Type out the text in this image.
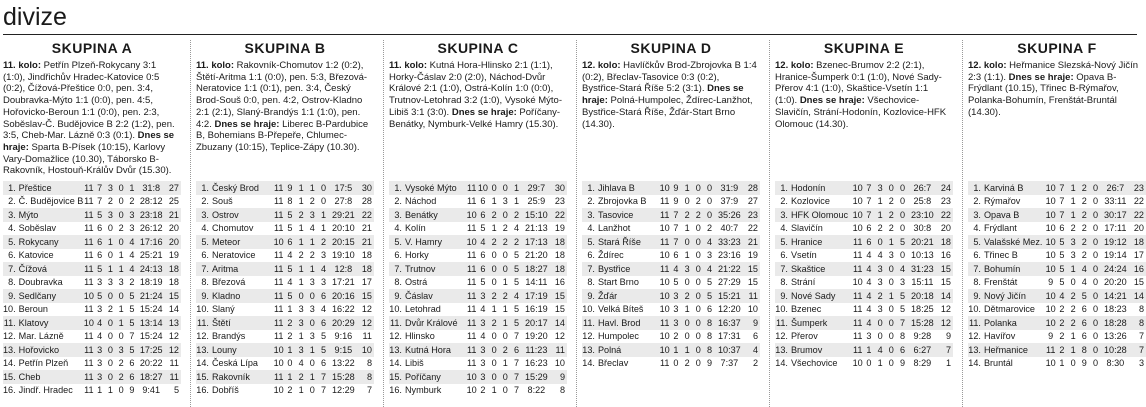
divize
SKUPINA A
11. kolo: Petřín Plzeň-Rokycany 3:1 (1:0), Jindřichův Hradec-Katovice 0:5 (0:2), Čížová-Přeštice 0:0, pen. 3:4, Doubravka-Mýto 1:1 (0:0), pen. 4:5, Hořovicko-Beroun 1:1 (0:0), pen. 2:3, Soběslav-Č. Budějovice B 2:2 (1:2), pen. 3:5, Cheb-Mar. Lázně 0:3 (0:1). Dnes se hraje: Sparta B-Písek (10:15), Karlovy Vary-Domažlice (10.30), Táborsko B-Rakovník, Hostouň-Králův Dvůr (15.30).
1.	Přeštice	11	7	3	0	1	31:8	27
2.	Č. Budějovice B	11	7	2	0	2	28:12	25
3.	Mýto	11	5	3	0	3	23:18	21
4.	Soběslav	11	6	0	2	3	26:12	20
5.	Rokycany	11	6	1	0	4	17:16	20
6.	Katovice	11	6	0	1	4	25:21	19
7.	Čížová	11	5	1	1	4	24:13	18
8.	Doubravka	11	3	3	3	2	18:19	18
9.	Sedlčany	10	5	0	0	5	21:24	15
10.	Beroun	11	3	2	1	5	15:24	14
11.	Klatovy	10	4	0	1	5	13:14	13
12.	Mar. Lázně	11	4	0	0	7	15:24	12
13.	Hořovicko	11	3	0	3	5	17:25	12
14.	Petřín Plzeň	11	3	0	2	6	20:22	11
15.	Cheb	11	3	0	2	6	18:27	11
16.	Jindř. Hradec	11	1	1	0	9	9:41	5
SKUPINA B
11. kolo: Rakovník-Chomutov 1:2 (0:2), Štětí-Aritma 1:1 (0:0), pen. 5:3, Březová-Neratovice 1:1 (0:1), pen. 3:4, Český Brod-Souš 0:0, pen. 4:2, Ostrov-Kladno 2:1 (2:1), Slaný-Brandýs 1:1 (1:0), pen. 4:2. Dnes se hraje: Liberec B-Pardubice B, Bohemians B-Přepeře, Chlumec-Zbuzany (10:15), Teplice-Zápy (10.30).
1.	Český Brod	11	9	1	1	0	17:5	30
2.	Souš	11	8	1	2	0	27:8	28
3.	Ostrov	11	5	2	3	1	29:21	22
4.	Chomutov	11	5	1	4	1	20:10	21
5.	Meteor	10	6	1	1	2	20:15	21
6.	Neratovice	11	4	2	2	3	19:10	18
7.	Aritma	11	5	1	1	4	12:8	18
8.	Březová	11	4	1	3	3	17:21	17
9.	Kladno	11	5	0	0	6	20:16	15
10.	Slaný	11	1	3	3	4	16:22	12
11.	Štětí	11	2	3	0	6	20:29	12
12.	Brandýs	11	2	1	3	5	9:16	11
13.	Louny	10	1	3	1	5	9:15	10
14.	Česká Lípa	10	0	4	0	6	13:22	8
15.	Rakovník	11	1	2	1	7	15:28	8
16.	Dobříš	10	2	1	0	7	12:29	7
SKUPINA C
11. kolo: Kutná Hora-Hlinsko 2:1 (1:1), Horky-Čáslav 2:0 (2:0), Náchod-Dvůr Králové 2:1 (1:0), Ostrá-Kolín 1:0 (0:0), Trutnov-Letohrad 3:2 (1:0), Vysoké Mýto-Libiš 3:1 (3:0). Dnes se hraje: Poříčany-Benátky, Nymburk-Velké Hamry (15.30).
1.	Vysoké Mýto	11	10	0	0	1	29:7	30
2.	Náchod	11	6	1	3	1	25:9	23
3.	Benátky	10	6	2	0	2	15:10	22
4.	Kolín	11	5	1	2	4	21:13	19
5.	V. Hamry	10	4	2	2	2	17:13	18
6.	Horky	11	6	0	0	5	21:20	18
7.	Trutnov	11	6	0	0	5	18:27	18
8.	Ostrá	11	5	0	1	5	14:11	16
9.	Čáslav	11	3	2	2	4	17:19	15
10.	Letohrad	11	4	1	1	5	16:19	15
11.	Dvůr Králové	11	3	2	1	5	20:17	14
12.	Hlinsko	11	4	0	0	7	19:20	12
13.	Kutná Hora	11	3	0	2	6	11:23	11
14.	Libiš	11	3	0	1	7	16:23	10
15.	Poříčany	10	3	0	0	7	15:29	9
16.	Nymburk	10	2	1	0	7	8:22	8
SKUPINA D
12. kolo: Havlíčkův Brod-Zbrojovka B 1:4 (0:2), Břeclav-Tasovice 0:3 (0:2), Bystřice-Stará Říše 5:2 (3:1). Dnes se hraje: Polná-Humpolec, Ždírec-Lanžhot, Bystřice-Stará Říše, Žďár-Start Brno (14.30).
1.	Jihlava B	10	9	1	0	0	31:9	28
2.	Zbrojovka B	11	9	0	2	0	37:9	27
3.	Tasovice	11	7	2	2	0	35:26	23
4.	Lanžhot	10	7	1	0	2	40:7	22
5.	Stará Říše	11	7	0	0	4	33:23	21
6.	Ždírec	10	6	1	0	3	23:16	19
7.	Bystřice	11	4	3	0	4	21:22	15
8.	Start Brno	10	5	0	0	5	27:29	15
9.	Žďár	10	3	2	0	5	15:21	11
10.	Velká Bíteš	10	3	1	0	6	12:20	10
11.	Havl. Brod	11	3	0	0	8	16:37	9
12.	Humpolec	10	2	0	0	8	17:31	6
13.	Polná	10	1	1	0	8	10:37	4
14.	Břeclav	11	0	2	0	9	7:37	2
SKUPINA E
12. kolo: Bzenec-Brumov 2:2 (2:1), Hranice-Šumperk 0:1 (1:0), Nové Sady-Přerov 4:1 (1:0), Skaštice-Vsetín 1:1 (1:0). Dnes se hraje: Všechovice-Slavičín, Strání-Hodonín, Kozlovice-HFK Olomouc (14.30).
1.	Hodonín	10	7	3	0	0	26:7	24
2.	Kozlovice	10	7	1	2	0	25:8	23
3.	HFK Olomouc	10	7	1	2	0	23:10	22
4.	Slavičín	10	6	2	2	0	30:8	20
5.	Hranice	11	6	0	1	5	20:21	18
6.	Vsetín	11	4	4	3	0	10:13	16
7.	Skaštice	11	4	3	0	4	31:23	15
8.	Strání	10	4	3	0	3	15:11	15
9.	Nové Sady	11	4	2	1	5	20:18	14
10.	Bzenec	11	4	3	0	5	18:25	12
11.	Šumperk	11	4	0	0	7	15:28	12
12.	Přerov	11	3	0	0	8	9:28	9
13.	Brumov	11	1	4	0	6	6:27	7
14.	Všechovice	10	0	1	0	9	8:29	1
SKUPINA F
12. kolo: Heřmanice Slezská-Nový Jičín 2:3 (1:1). Dnes se hraje: Opava B-Frýdlant (10.15), Třinec B-Rýmařov, Polanka-Bohumín, Frenštát-Bruntál (14.30).
1.	Karviná B	10	7	1	2	0	26:7	23
2.	Rýmařov	10	7	1	2	0	33:11	22
3.	Opava B	10	7	1	2	0	30:17	22
4.	Frýdlant	10	6	2	2	0	17:11	20
5.	Valašské Mez.	10	5	3	2	0	19:12	18
6.	Třinec B	10	5	3	2	0	19:14	17
7.	Bohumín	10	5	1	4	0	24:24	16
8.	Frenštát	9	5	0	4	0	20:20	15
9.	Nový Jičín	10	4	2	5	0	14:21	14
10.	Dětmarovice	10	2	2	6	0	18:23	8
11.	Polanka	10	2	2	6	0	18:28	8
12.	Havířov	9	2	1	6	0	13:26	7
13.	Heřmanice	11	2	1	8	0	10:28	7
14.	Bruntál	10	1	0	9	0	8:30	3
